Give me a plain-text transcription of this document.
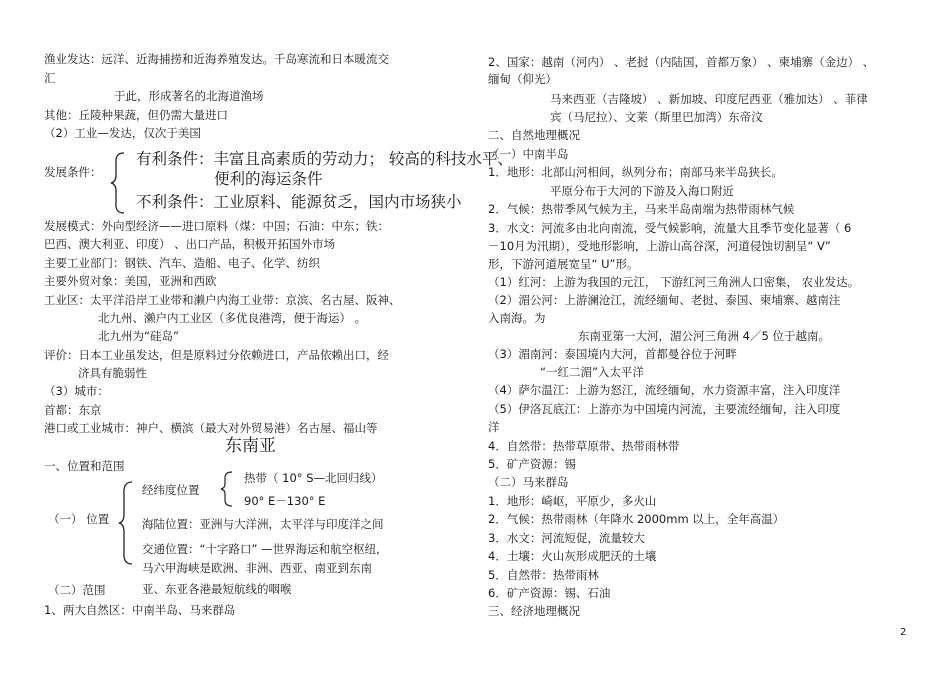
渔业发达：远洋、近海捕捞和近海养殖发达。千岛寒流和日本暖流交
汇
于此，形成著名的北海道渔场
其他：丘陵种果蔬，但仍需大量进口
（2）工业—发达，仅次于美国
发展条件：
有利条件：丰富且高素质的劳动力； 较高的科技水平、
便利的海运条件
不利条件：工业原料、能源贫乏，国内市场狭小
发展模式：外向型经济——进口原料（煤：中国；石油：中东；铁：
巴西、澳大利亚、印度） 、出口产品，积极开拓国外市场
主要工业部门：钢铁、汽车、造船、电子、化学、纺织
主要外贸对象：美国，亚洲和西欧
工业区：太平洋沿岸工业带和濑户内海工业带：京滨、名古屋、阪神、
北九州、濑户内工业区（多优良港湾，便于海运） 。
北九州为“硅岛”
评价：日本工业虽发达，但是原料过分依赖进口，产品依赖出口，经
济具有脆弱性
（3）城市：
首都：东京
港口或工业城市：神户、横滨（最大对外贸易港）名古屋、福山等
东南亚
一、位置和范围
（一） 位置
经纬度位置
热带（ 10° S—北回归线）
90° E－130° E
海陆位置：亚洲与大洋洲，太平洋与印度洋之间
交通位置：“十字路口” —世界海运和航空枢纽,
马六甲海峡是欧洲、非洲、西亚、南亚到东南
（二）范围	亚、东亚各港最短航线的咽喉
1、两大自然区：中南半岛、马来群岛
2、国家：越南（河内） 、老挝（内陆国，首都万象） 、柬埔寨（金边） 、
缅甸（仰光）
马来西亚（吉隆坡） 、新加坡、印度尼西亚（雅加达） 、菲律
宾（马尼拉）、文莱（斯里巴加湾）东帝汶
二、自然地理概况
（一）中南半岛
1．地形：北部山河相间，纵列分布；南部马来半岛狭长。
平原分布于大河的下游及入海口附近
2．气候：热带季风气候为主，马来半岛南端为热带雨林气候
3．水文：河流多由北向南流，受气候影响，流量大且季节变化显著（ 6
－10月为汛期），受地形影响，上游山高谷深，河道侵蚀切割呈“ V”
形，下游河道展宽呈“ U”形。
（1）红河：上游为我国的元江， 下游红河三角洲人口密集， 农业发达。
（2）湄公河：上游澜沧江，流经缅甸、老挝、泰国、柬埔寨、越南注
入南海。为
东南亚第一大河，湄公河三角洲 4／5 位于越南。
（3）湄南河：泰国境内大河，首都曼谷位于河畔
“一红二湄”入太平洋
（4）萨尔温江：上游为怒江，流经缅甸，水力资源丰富，注入印度洋
（5）伊洛瓦底江：上游亦为中国境内河流，主要流经缅甸，注入印度
洋
4．自然带：热带草原带、热带雨林带
5．矿产资源：锡
（二）马来群岛
1．地形：崎岖，平原少，多火山
2．气候：热带雨林（年降水 2000mm 以上，全年高温）
3．水文：河流短促，流量较大
4．土壤：火山灰形成肥沃的土壤
5．自然带：热带雨林
6．矿产资源：锡、石油
三、经济地理概况
2
